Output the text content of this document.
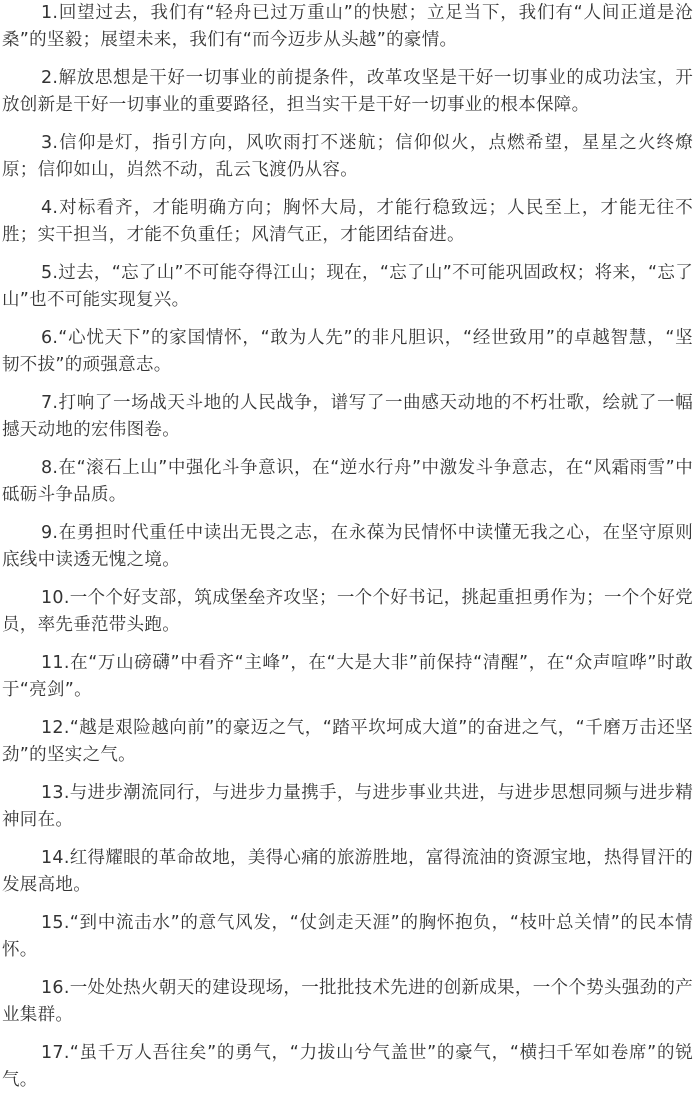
1.回望过去，我们有“轻舟已过万重山”的快慰；立足当下，我们有“人间正道是沧桑”的坚毅；展望未来，我们有“而今迈步从头越”的豪情。

2.解放思想是干好一切事业的前提条件，改革攻坚是干好一切事业的成功法宝，开放创新是干好一切事业的重要路径，担当实干是干好一切事业的根本保障。

3.信仰是灯，指引方向，风吹雨打不迷航；信仰似火，点燃希望，星星之火终燎原；信仰如山，岿然不动，乱云飞渡仍从容。

4.对标看齐，才能明确方向；胸怀大局，才能行稳致远；人民至上，才能无往不胜；实干担当，才能不负重任；风清气正，才能团结奋进。

5.过去，“忘了山”不可能夺得江山；现在，“忘了山”不可能巩固政权；将来，“忘了山”也不可能实现复兴。

6.“心忧天下”的家国情怀，“敢为人先”的非凡胆识，“经世致用”的卓越智慧，“坚韧不拔”的顽强意志。

7.打响了一场战天斗地的人民战争，谱写了一曲感天动地的不朽壮歌，绘就了一幅撼天动地的宏伟图卷。

8.在“滚石上山”中强化斗争意识，在“逆水行舟”中激发斗争意志，在“风霜雨雪”中砥砺斗争品质。

9.在勇担时代重任中读出无畏之志，在永葆为民情怀中读懂无我之心，在坚守原则底线中读透无愧之境。

10.一个个好支部，筑成堡垒齐攻坚；一个个好书记，挑起重担勇作为；一个个好党员，率先垂范带头跑。

11.在“万山磅礴”中看齐“主峰”，在“大是大非”前保持“清醒”，在“众声喧哗”时敢于“亮剑”。

12.“越是艰险越向前”的豪迈之气，“踏平坎坷成大道”的奋进之气，“千磨万击还坚劲”的坚实之气。

13.与进步潮流同行，与进步力量携手，与进步事业共进，与进步思想同频与进步精神同在。

14.红得耀眼的革命故地，美得心痛的旅游胜地，富得流油的资源宝地，热得冒汗的发展高地。

15.“到中流击水”的意气风发，“仗剑走天涯”的胸怀抱负，“枝叶总关情”的民本情怀。

16.一处处热火朝天的建设现场，一批批技术先进的创新成果，一个个势头强劲的产业集群。

17.“虽千万人吾往矣”的勇气，“力拔山兮气盖世”的豪气，“横扫千军如卷席”的锐气。
